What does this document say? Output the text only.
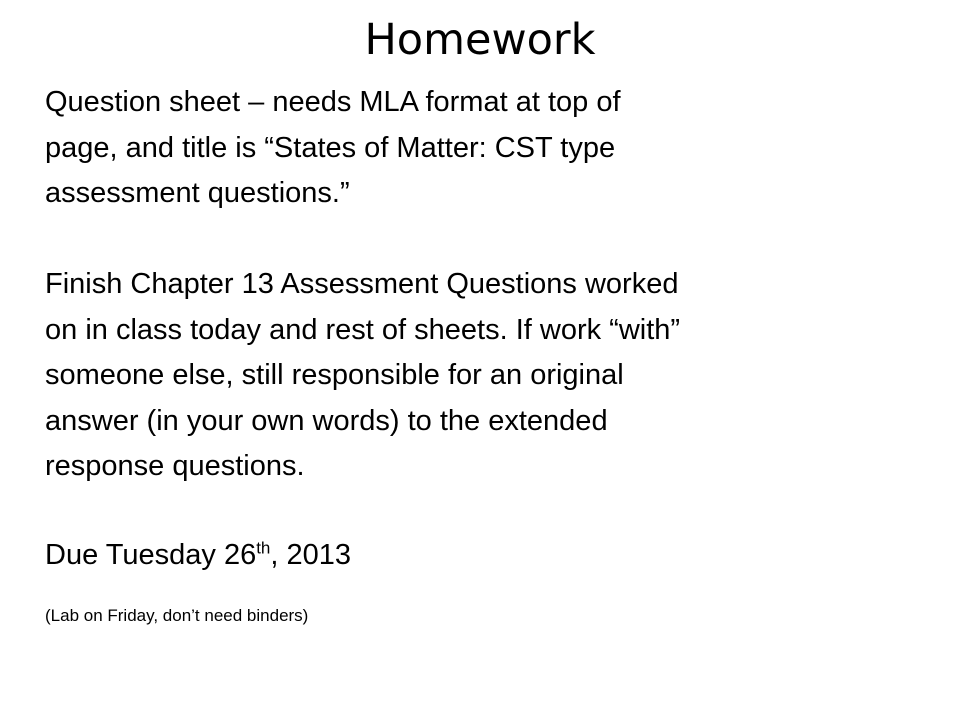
Homework
Question sheet – needs MLA format at top of
page, and title is “States of Matter: CST type
assessment questions.”
Finish Chapter 13 Assessment Questions worked
on in class today and rest of sheets. If work “with”
someone else, still responsible for an original
answer (in your own words) to the extended
response questions.
Due Tuesday 26th, 2013
(Lab on Friday, don’t need binders)
